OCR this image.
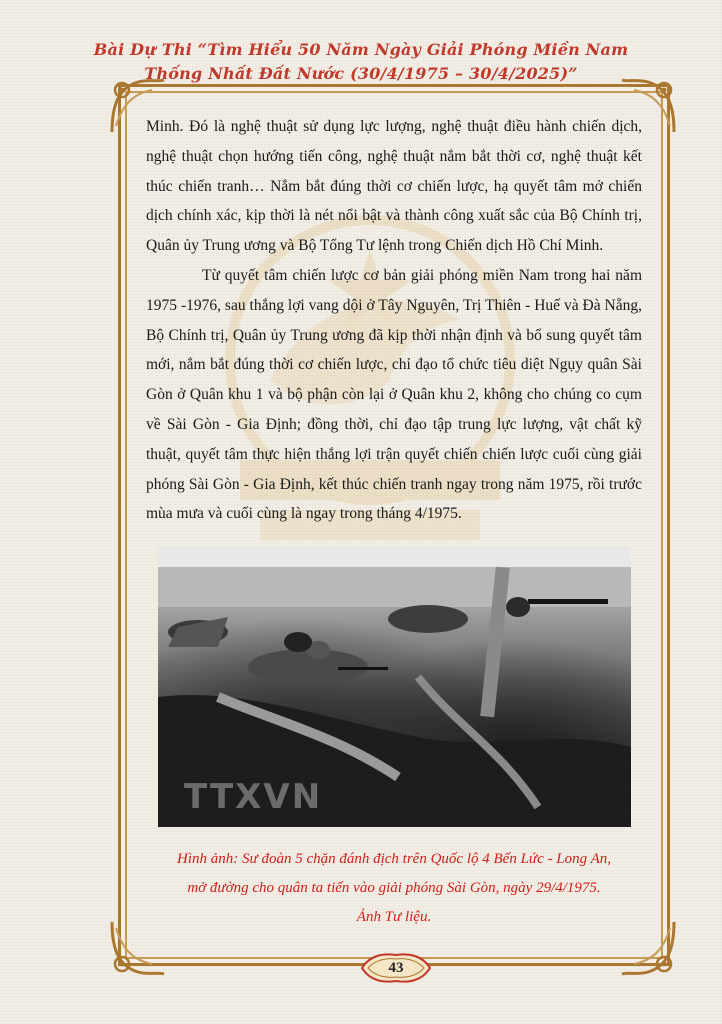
Bài Dự Thi “Tìm Hiểu 50 Năm Ngày Giải Phóng Miền Nam
Thống Nhất Đất Nước (30/4/1975 – 30/4/2025)”

Minh. Đó là nghệ thuật sử dụng lực lượng, nghệ thuật điều hành chiến dịch, nghệ thuật chọn hướng tiến công, nghệ thuật nắm bắt thời cơ, nghệ thuật kết thúc chiến tranh… Nắm bắt đúng thời cơ chiến lược, hạ quyết tâm mở chiến dịch chính xác, kịp thời là nét nổi bật và thành công xuất sắc của Bộ Chính trị, Quân ủy Trung ương và Bộ Tổng Tư lệnh trong Chiến dịch Hồ Chí Minh.

Từ quyết tâm chiến lược cơ bản giải phóng miền Nam trong hai năm 1975 -1976, sau thắng lợi vang dội ở Tây Nguyên, Trị Thiên - Huế và Đà Nẵng, Bộ Chính trị, Quân ủy Trung ương đã kịp thời nhận định và bổ sung quyết tâm mới, nắm bắt đúng thời cơ chiến lược, chỉ đạo tổ chức tiêu diệt Ngụy quân Sài Gòn ở Quân khu 1 và bộ phận còn lại ở Quân khu 2, không cho chúng co cụm về Sài Gòn - Gia Định; đồng thời, chỉ đạo tập trung lực lượng, vật chất kỹ thuật, quyết tâm thực hiện thắng lợi trận quyết chiến chiến lược cuối cùng giải phóng Sài Gòn - Gia Định, kết thúc chiến tranh ngay trong năm 1975, rồi trước mùa mưa và cuối cùng là ngay trong tháng 4/1975.

TTXVN

Hình ảnh: Sư đoàn 5 chặn đánh địch trên Quốc lộ 4 Bến Lức - Long An,

mở đường cho quân ta tiến vào giải phóng Sài Gòn, ngày 29/4/1975.

Ảnh Tư liệu.

43
